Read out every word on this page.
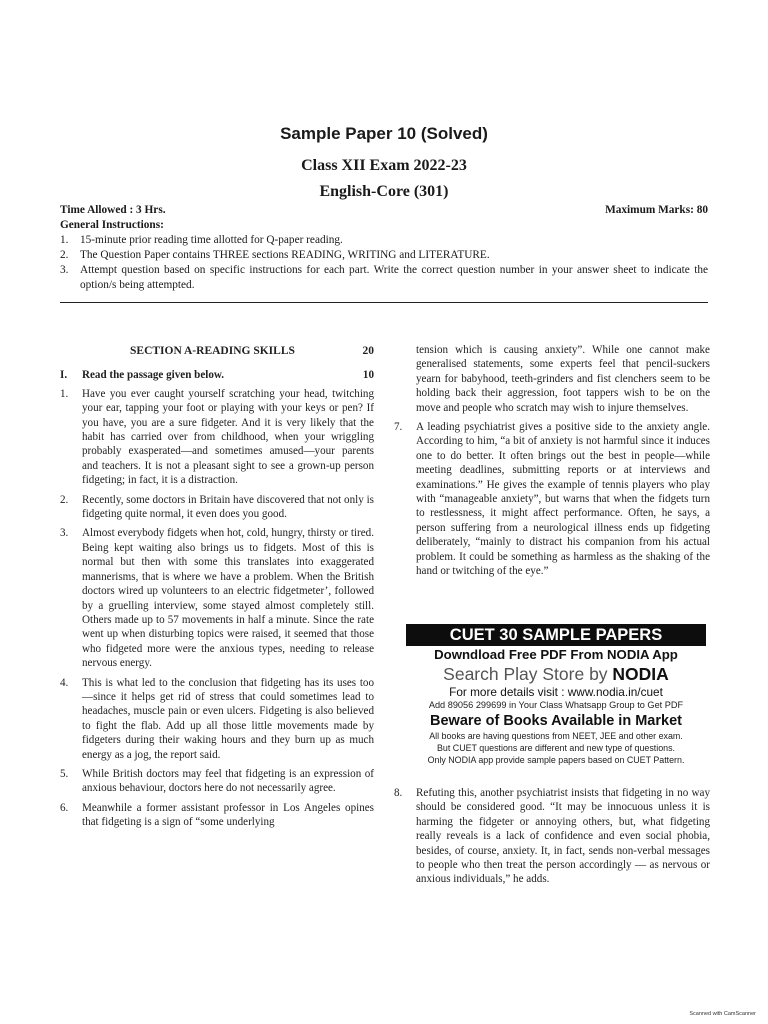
Sample Paper 10 (Solved)
Class XII Exam 2022-23
English-Core (301)
Time Allowed : 3 Hrs.	Maximum Marks: 80
General Instructions:
1.	15-minute prior reading time allotted for Q-paper reading.
2.	The Question Paper contains THREE sections READING, WRITING and LITERATURE.
3.	Attempt question based on specific instructions for each part. Write the correct question number in your answer sheet to indicate the option/s being attempted.
SECTION A-READING SKILLS	20
I.	Read the passage given below.	10
1.	Have you ever caught yourself scratching your head, twitching your ear, tapping your foot or playing with your keys or pen? If you have, you are a sure fidgeter. And it is very likely that the habit has carried over from childhood, when your wriggling probably exasperated—and sometimes amused—your parents and teachers. It is not a pleasant sight to see a grown-up person fidgeting; in fact, it is a distraction.
2.	Recently, some doctors in Britain have discovered that not only is fidgeting quite normal, it even does you good.
3.	Almost everybody fidgets when hot, cold, hungry, thirsty or tired. Being kept waiting also brings us to fidgets. Most of this is normal but then with some this translates into exaggerated mannerisms, that is where we have a problem. When the British doctors wired up volunteers to an electric fidgetmeter’, followed by a gruelling interview, some stayed almost completely still. Others made up to 57 movements in half a minute. Since the rate went up when disturbing topics were raised, it seemed that those who fidgeted more were the anxious types, needing to release nervous energy.
4.	This is what led to the conclusion that fidgeting has its uses too—since it helps get rid of stress that could sometimes lead to headaches, muscle pain or even ulcers. Fidgeting is also believed to fight the flab. Add up all those little movements made by fidgeters during their waking hours and they burn up as much energy as a jog, the report said.
5.	While British doctors may feel that fidgeting is an expression of anxious behaviour, doctors here do not necessarily agree.
6.	Meanwhile a former assistant professor in Los Angeles opines that fidgeting is a sign of “some underlying
tension which is causing anxiety”. While one cannot make generalised statements, some experts feel that pencil-suckers yearn for babyhood, teeth-grinders and fist clenchers seem to be holding back their aggression, foot tappers wish to be on the move and people who scratch may wish to injure themselves.
7.	A leading psychiatrist gives a positive side to the anxiety angle. According to him, “a bit of anxiety is not harmful since it induces one to do better. It often brings out the best in people—while meeting deadlines, submitting reports or at interviews and examinations.” He gives the example of tennis players who play with “manageable anxiety”, but warns that when the fidgets turn to restlessness, it might affect performance. Often, he says, a person suffering from a neurological illness ends up fidgeting deliberately, “mainly to distract his companion from his actual problem. It could be something as harmless as the shaking of the hand or twitching of the eye.”
CUET 30 SAMPLE PAPERS
Downdload Free PDF From NODIA App
Search Play Store by NODIA
For more details visit : www.nodia.in/cuet
Add 89056 299699 in Your Class Whatsapp Group to Get PDF
Beware of Books Available in Market
All books are having questions from NEET, JEE and other exam.
But CUET questions are different and new type of questions.
Only NODIA app provide sample papers based on CUET Pattern.
8.	Refuting this, another psychiatrist insists that fidgeting in no way should be considered good. “It may be innocuous unless it is harming the fidgeter or annoying others, but, what fidgeting really reveals is a lack of confidence and even social phobia, besides, of course, anxiety. It, in fact, sends non-verbal messages to people who then treat the person accordingly — as nervous or anxious individuals,” he adds.
Scanned with CamScanner
